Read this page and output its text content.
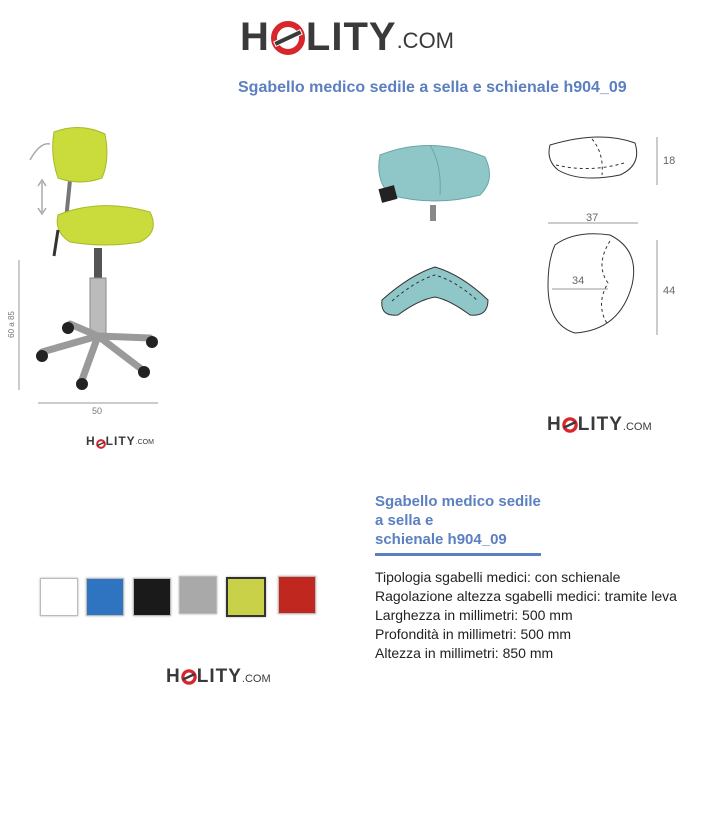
H LITY .COM
Sgabello medico sedile a sella e schienale h904_09
60 a 85
50
H LITY .COM
18
37
34
44
H LITY .COM
H LITY .COM
Sgabello medico sedile
a sella e
schienale h904_09
Tipologia sgabelli medici: con schienale
Ragolazione altezza sgabelli medici: tramite leva
Larghezza in millimetri: 500 mm
Profondità in millimetri: 500 mm
Altezza in millimetri: 850 mm
